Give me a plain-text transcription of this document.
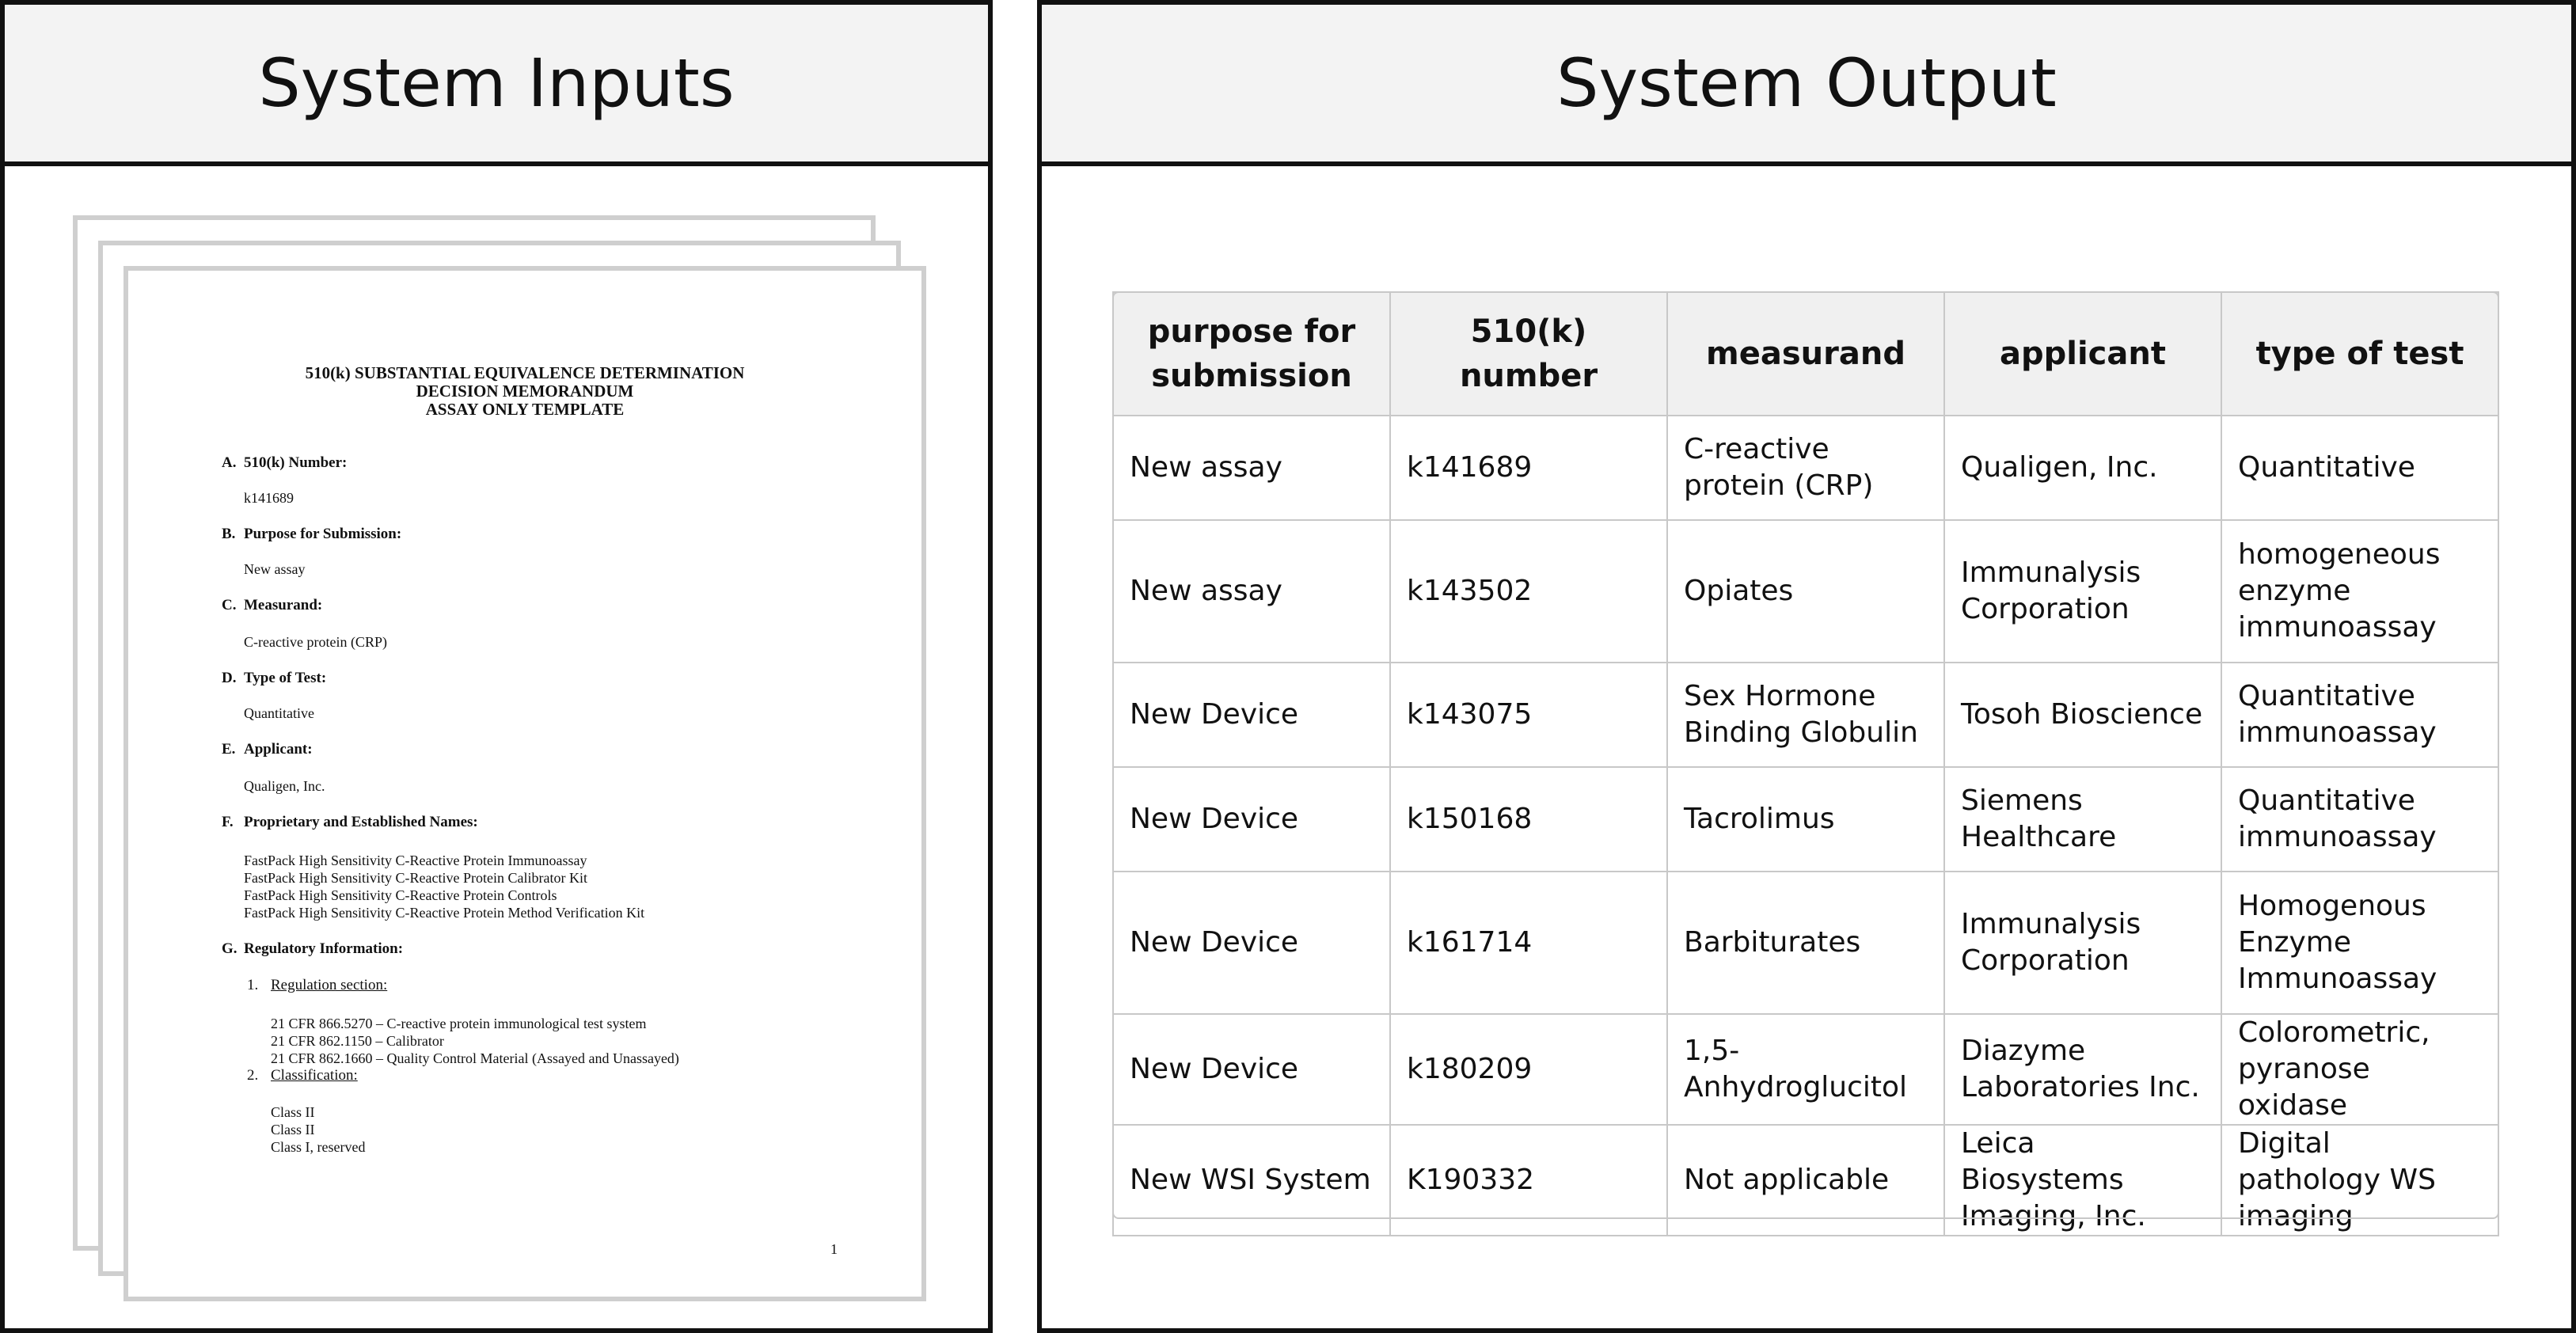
System Inputs
510(k) SUBSTANTIAL EQUIVALENCE DETERMINATION
DECISION MEMORANDUM
ASSAY ONLY TEMPLATE
A. 510(k) Number:
k141689
B. Purpose for Submission:
New assay
C. Measurand:
C-reactive protein (CRP)
D. Type of Test:
Quantitative
E. Applicant:
Qualigen, Inc.
F. Proprietary and Established Names:
FastPack High Sensitivity C-Reactive Protein Immunoassay
FastPack High Sensitivity C-Reactive Protein Calibrator Kit
FastPack High Sensitivity C-Reactive Protein Controls
FastPack High Sensitivity C-Reactive Protein Method Verification Kit
G. Regulatory Information:
1. Regulation section:
21 CFR 866.5270 – C-reactive protein immunological test system
21 CFR 862.1150 – Calibrator
21 CFR 862.1660 – Quality Control Material (Assayed and Unassayed)
2. Classification:
Class II
Class II
Class I, reserved
1
System Output
purpose for submission	510(k) number	measurand	applicant	type of test
New assay	k141689	C-reactive protein (CRP)	Qualigen, Inc.	Quantitative
New assay	k143502	Opiates	Immunalysis Corporation	homogeneous enzyme immunoassay
New Device	k143075	Sex Hormone Binding Globulin	Tosoh Bioscience	Quantitative immunoassay
New Device	k150168	Tacrolimus	Siemens Healthcare	Quantitative immunoassay
New Device	k161714	Barbiturates	Immunalysis Corporation	Homogenous Enzyme Immunoassay
New Device	k180209	1,5-Anhydroglucitol	Diazyme Laboratories Inc.	Colorometric, pyranose oxidase
New WSI System	K190332	Not applicable	Leica Biosystems Imaging, Inc.	Digital pathology WS imaging
